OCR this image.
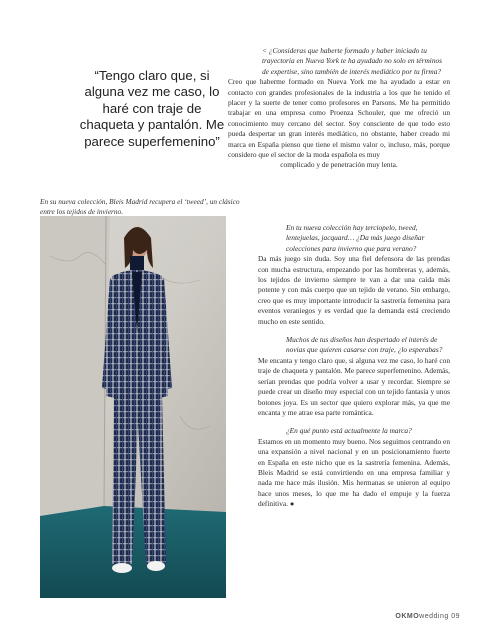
“Tengo claro que, si alguna vez me caso, lo haré con traje de chaqueta y pantalón. Me parece superfemenino”

< ¿Consideras que haberte formado y haber iniciado tu trayectoria en Nueva York te ha ayudado no solo en términos de expertise, sino también de interés mediático por tu firma?

Creo que haberme formado en Nueva York me ha ayudado a estar en contacto con grandes profesionales de la industria a los que he tenido el placer y la suerte de tener como profesores en Parsons. Me ha permitido trabajar en una empresa como Proenza Schouler, que me ofreció un conocimiento muy cercano del sector. Soy consciente de que todo esto pueda despertar un gran interés mediático, no obstante, haber creado mi marca en España pienso que tiene el mismo valor o, incluso, más, porque considero que el sector de la moda española es muy

complicado y de penetración muy lenta.

En su nueva colección, Bleis Madrid recupera el ‘tweed’, un clásico entre los tejidos de invierno.

En tu nueva colección hay terciopelo, tweed, lentejuelas, jacquard… ¿Da más juego diseñar colecciones para invierno que para verano?

Da más juego sin duda. Soy una fiel defensora de las prendas con mucha estructura, empezando por las hombreras y, además, los tejidos de invierno siempre te van a dar una caída más potente y con más cuerpo que un tejido de verano. Sin embargo, creo que es muy importante introducir la sastrería femenina para eventos veraniegos y es verdad que la demanda está creciendo mucho en este sentido.

Muchos de tus diseños han despertado el interés de novias que quieren casarse con traje, ¿lo esperabas?

Me encanta y tengo claro que, si alguna vez me caso, lo haré con traje de chaqueta y pantalón. Me parece superfemenino. Además, serían prendas que podría volver a usar y recordar. Siempre se puede crear un diseño muy especial con un tejido fantasía y unos botones joya. Es un sector que quiero explorar más, ya que me encanta y me atrae esa parte romántica.

¿En qué punto está actualmente la marca?

Estamos en un momento muy bueno. Nos seguimos centrando en una expansión a nivel nacional y en un posicionamiento fuerte en España en este nicho que es la sastrería femenina. Además, Bleis Madrid se está convirtiendo en una empresa familiar y nada me hace más ilusión. Mis hermanas se unieron al equipo hace unos meses, lo que me ha dado el empuje y la fuerza definitiva. ●

OKMOwedding 09
